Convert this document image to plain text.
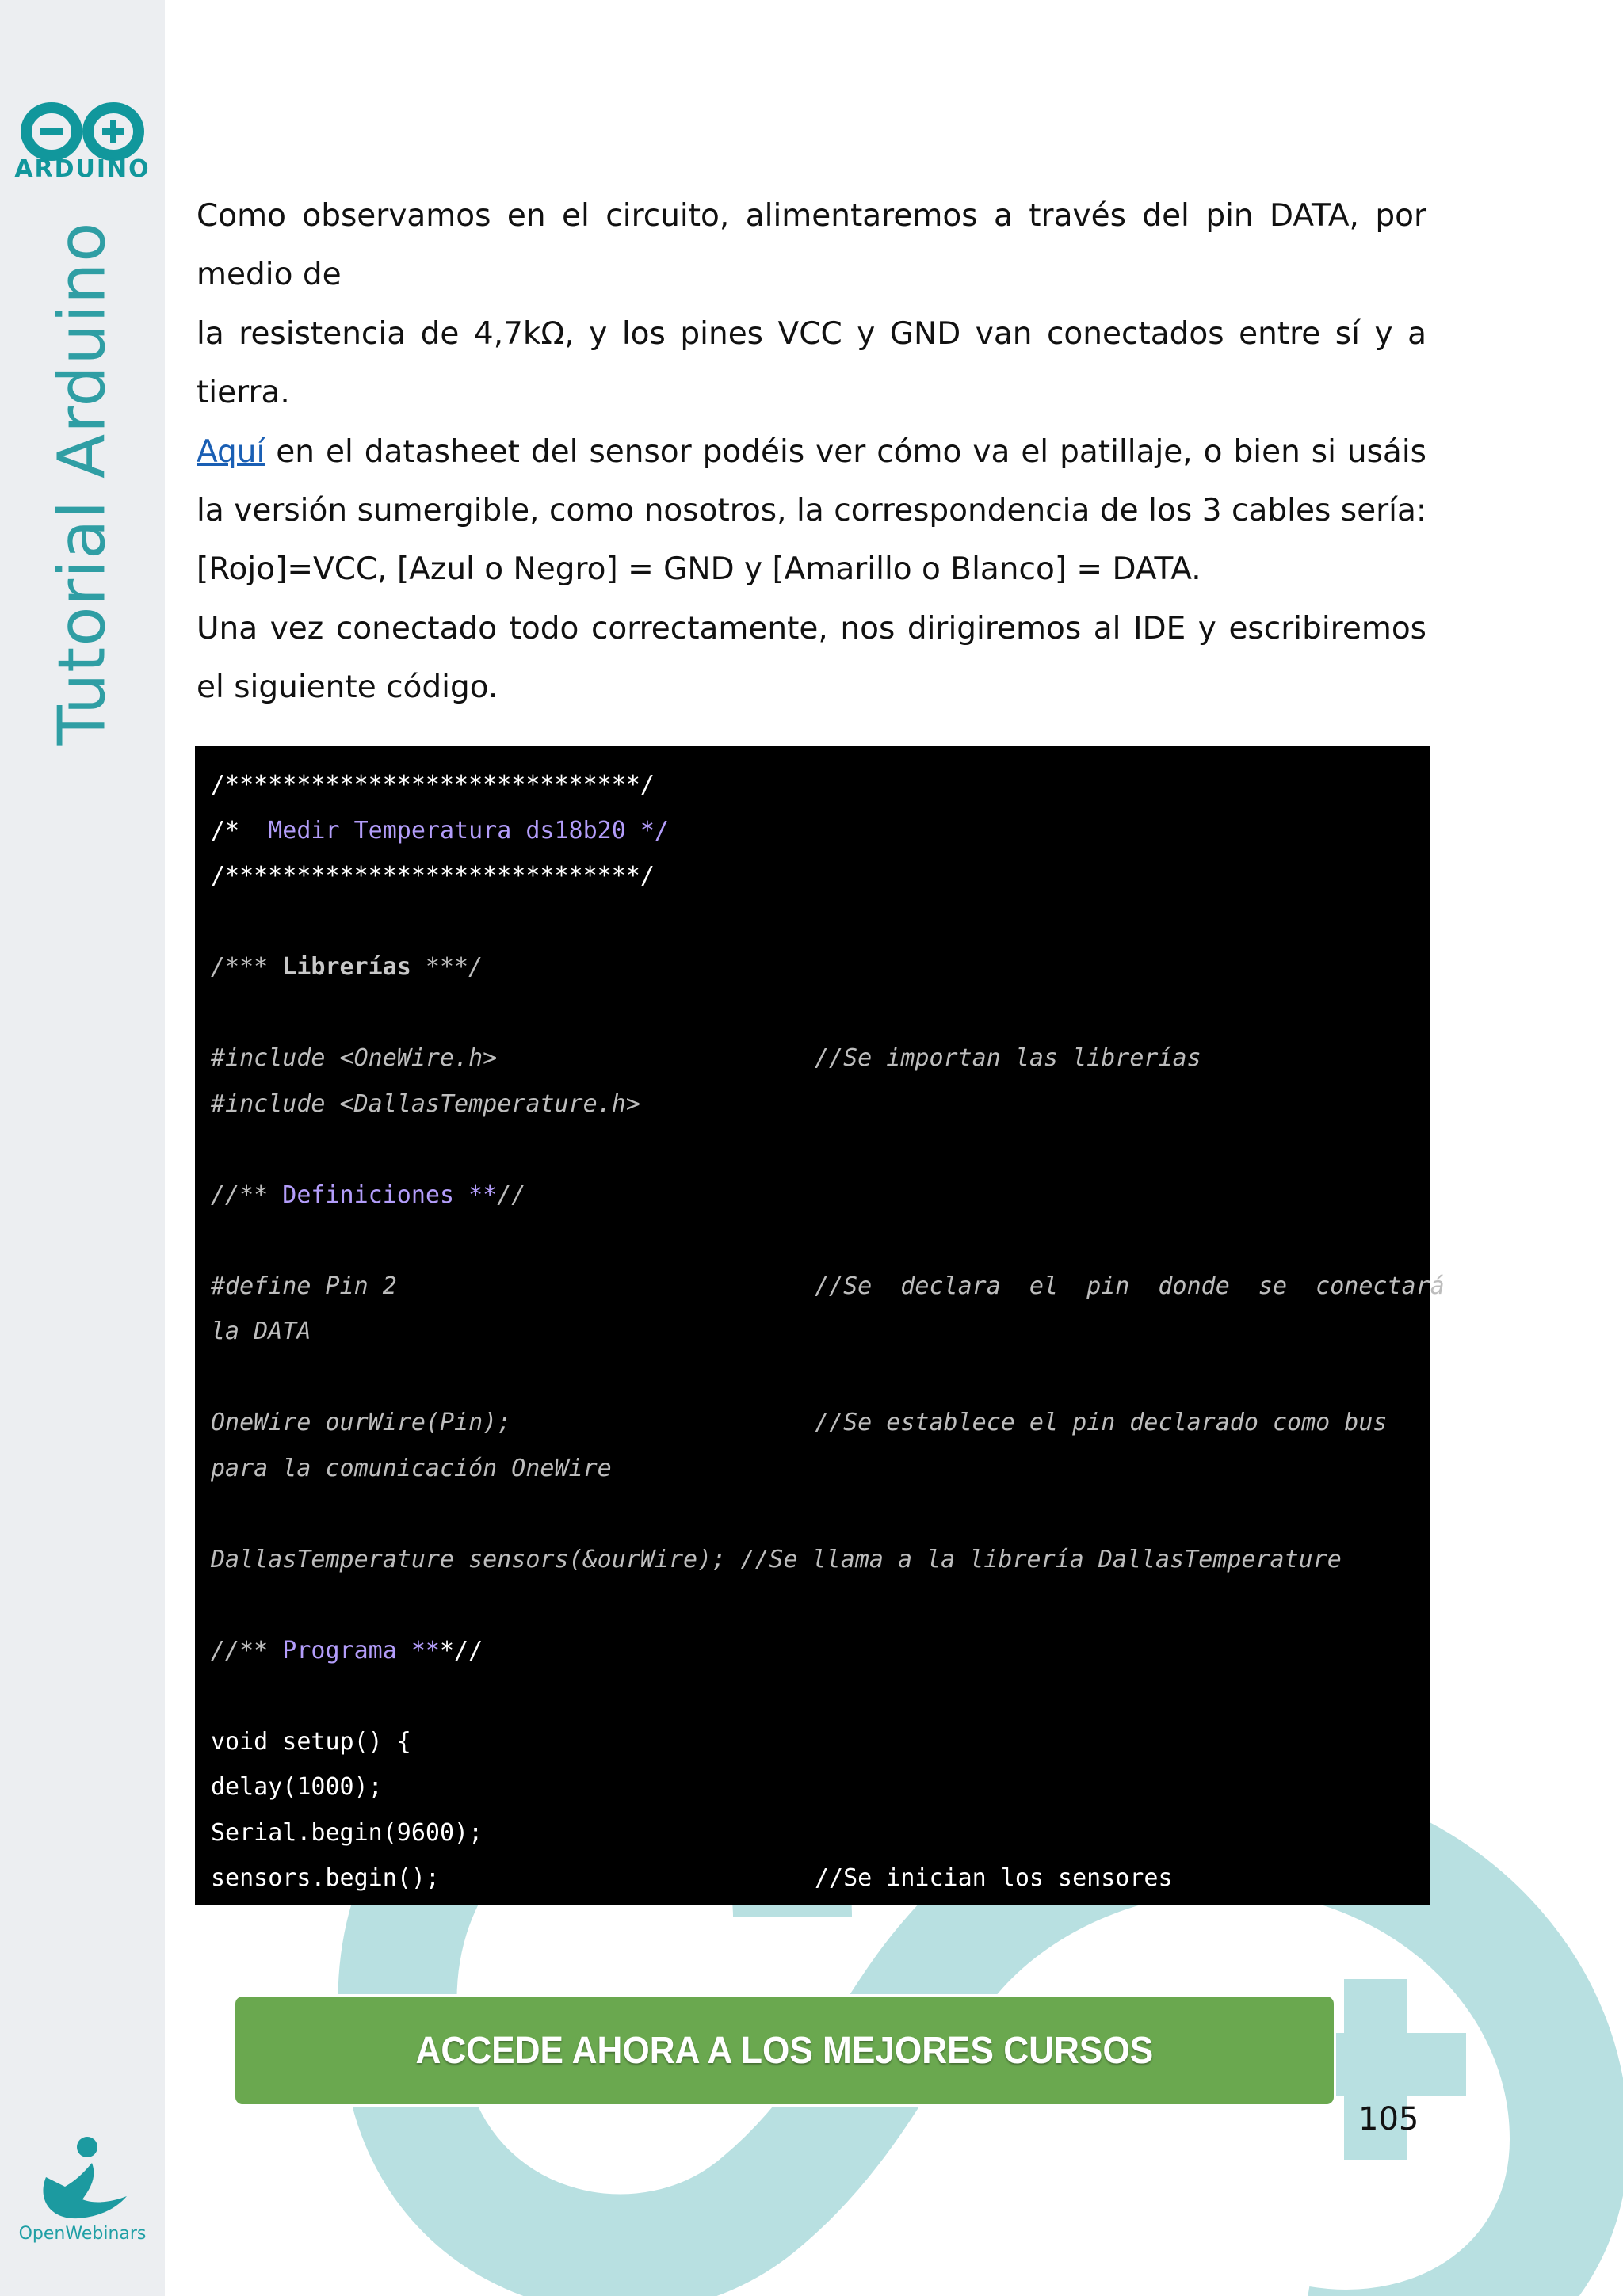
ARDUINO
Tutorial Arduino
OpenWebinars
Como observamos en el circuito, alimentaremos a través del pin DATA, por medio de
la resistencia de 4,7kΩ, y los pines VCC y GND van conectados entre sí y a tierra.
Aquí en el datasheet del sensor podéis ver cómo va el patillaje, o bien si usáis la versión sumergible, como nosotros, la correspondencia de los 3 cables sería: [Rojo]=VCC, [Azul o Negro] = GND y [Amarillo o Blanco] = DATA.
Una vez conectado todo correctamente, nos dirigiremos al IDE y escribiremos el siguiente código.
/*****************************/
/*  Medir Temperatura ds18b20 */
/*****************************/
/*** Librerías ***/
#include <OneWire.h>	//Se importan las librerías
#include <DallasTemperature.h>
//** Definiciones **//
#define Pin 2	//Se  declara  el  pin  donde  se  conectará
la DATA
OneWire ourWire(Pin);	//Se establece el pin declarado como bus
para la comunicación OneWire
DallasTemperature sensors(&ourWire); //Se llama a la librería DallasTemperature
//** Programa ***//
void setup() {
delay(1000);
Serial.begin(9600);
sensors.begin();	//Se inician los sensores
ACCEDE AHORA A LOS MEJORES CURSOS
105
